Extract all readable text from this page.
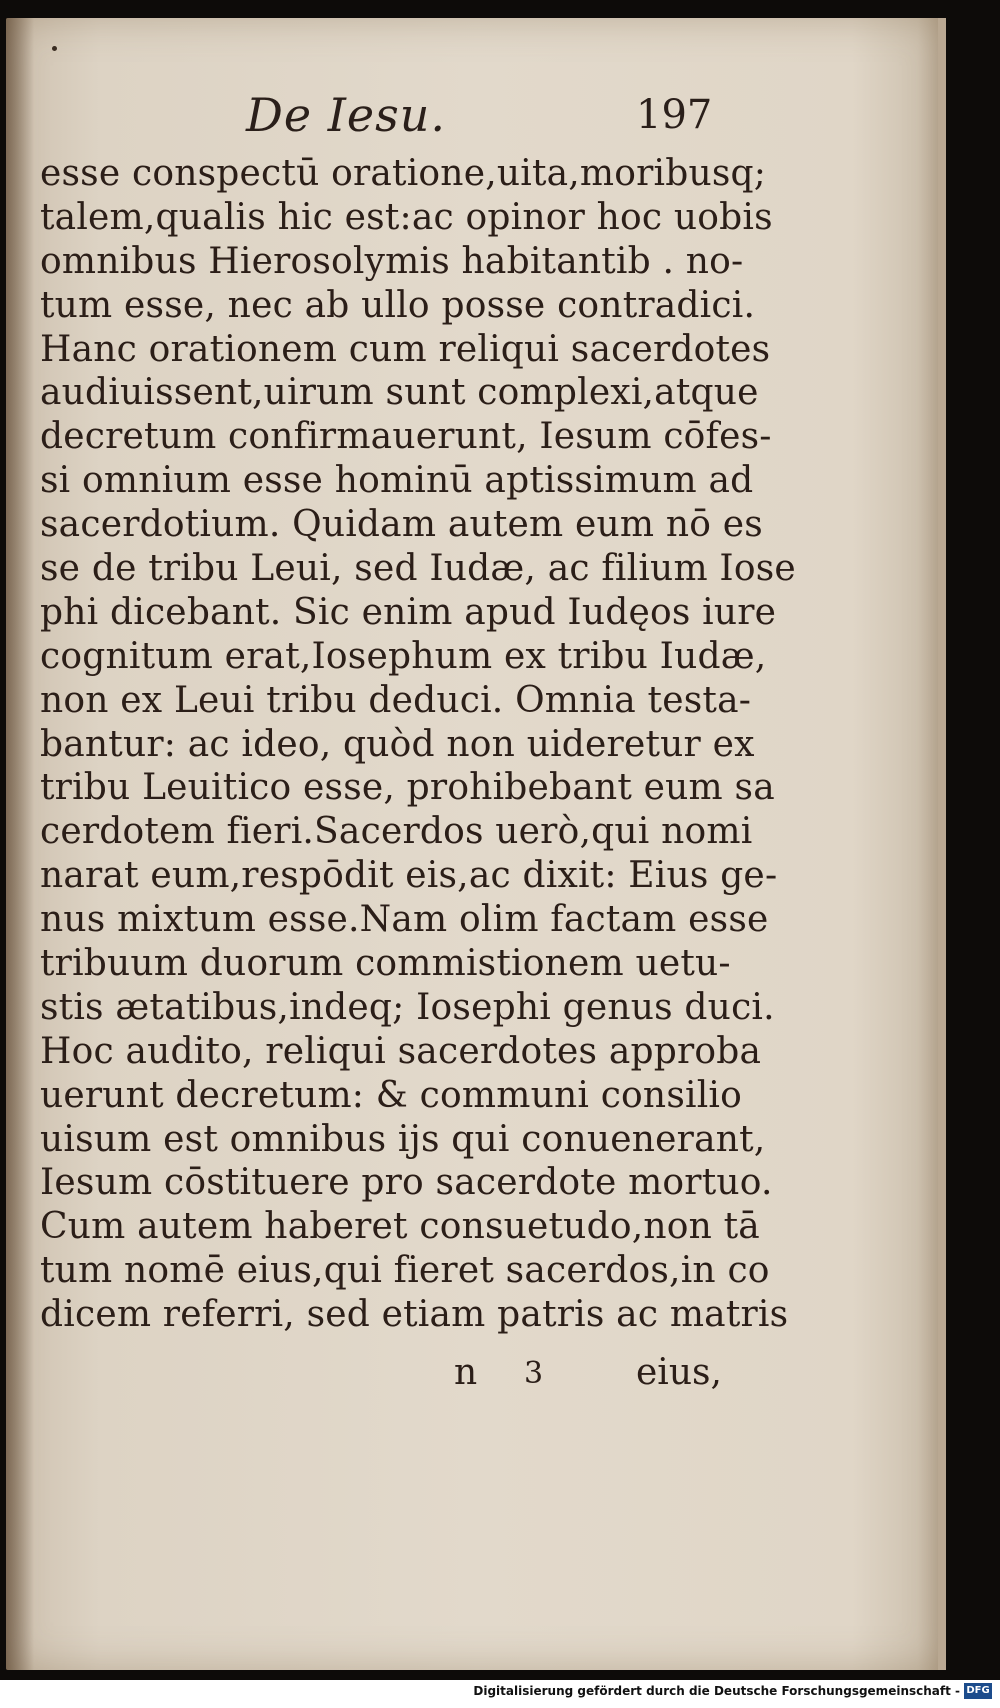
De Iesu.	197
esse conspectū oratione,uita,moribusq;
talem,qualis hic est:ac opinor hoc uobis
omnibus Hierosolymis habitantib . no-
tum esse, nec ab ullo posse contradici.
Hanc orationem cum reliqui sacerdotes
audiuissent,uirum sunt complexi,atque
decretum confirmauerunt, Iesum cōfes-
si omnium esse hominū aptissimum ad
sacerdotium. Quidam autem eum nō es
se de tribu Leui, sed Iudæ, ac filium Iose
phi dicebant. Sic enim apud Iudęos iure
cognitum erat,Iosephum ex tribu Iudæ,
non ex Leui tribu deduci. Omnia testa-
bantur: ac ideo, quòd non uideretur ex
tribu Leuitico esse, prohibebant eum sa
cerdotem fieri.Sacerdos uerò,qui nomi
narat eum,respōdit eis,ac dixit: Eius ge-
nus mixtum esse.Nam olim factam esse
tribuum duorum commistionem uetu-
stis ætatibus,indeq; Iosephi genus duci.
Hoc audito, reliqui sacerdotes approba
uerunt decretum: & communi consilio
uisum est omnibus ijs qui conuenerant,
Iesum cōstituere pro sacerdote mortuo.
Cum autem haberet consuetudo,non tā
tum nomē eius,qui fieret sacerdos,in co
dicem referri, sed etiam patris ac matris
n 3	eius,
Digitalisierung gefördert durch die Deutsche Forschungsgemeinschaft - DFG
